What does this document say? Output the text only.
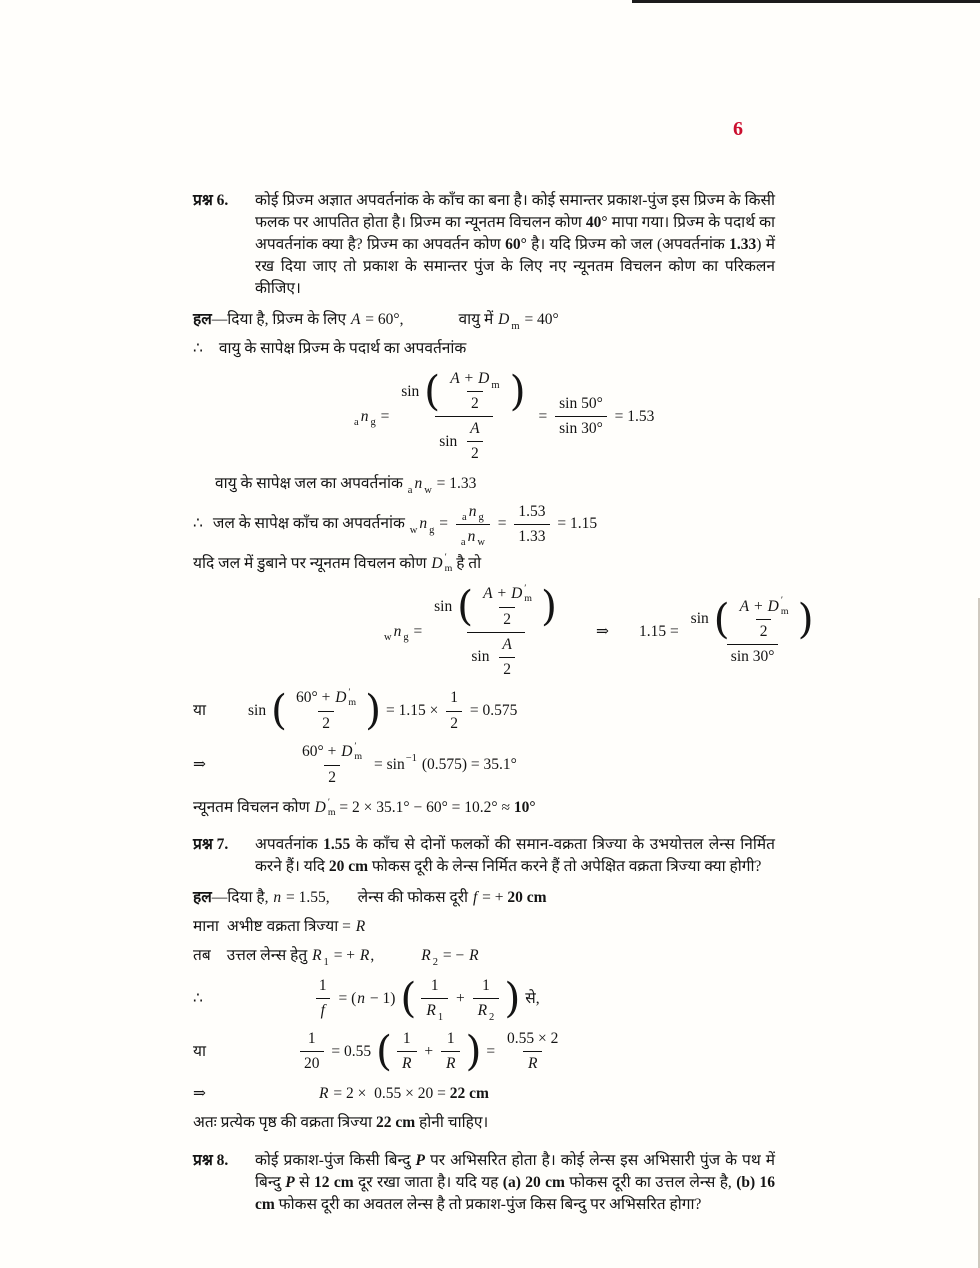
6
प्रश्न 6.	कोई प्रिज्म अज्ञात अपवर्तनांक के काँच का बना है। कोई समान्तर प्रकाश-पुंज इस प्रिज्म के किसी फलक पर आपतित होता है। प्रिज्म का न्यूनतम विचलन कोण 40° मापा गया। प्रिज्म के पदार्थ का अपवर्तनांक क्या है? प्रिज्म का अपवर्तन कोण 60° है। यदि प्रिज्म को जल (अपवर्तनांक 1.33) में रख दिया जाए तो प्रकाश के समान्तर पुंज के लिए नए न्यूनतम विचलन कोण का परिकलन कीजिए।
हल —दिया है, प्रिज्म के लिए A = 60°,	वायु में D m = 40°
∴ वायु के सापेक्ष प्रिज्म के पदार्थ का अपवर्तनांक
a n g = sin ( A + D m
2 )
sin
A
$2 = \frac{\sin 50^\circ}{\sin 30^\circ} = 1.53$
वायु के सापेक्ष जल का अपवर्तनांक a n w = 1.33
∴ जल के सापेक्ष काँच का अपवर्तनांक w n g = a n g
a n w
= $\frac{1.53}{1.33} = 1.15$
यदि जल में डुबाने पर न्यूनतम विचलन कोण D ′
m है तो
w n g = sin ( A + D ′
m
2 )
sin
A
2 ⇒ 1.15 = sin ( A + D ′
m
2 )
sin 30°
या	sin ( 60° + D ′
m
2 ) = $1.15 \times \frac{1}{2} = 0.575$
⇒	60° + D ′
m
2 = sin −1 (0.575) = 35.1°
न्यूनतम विचलन कोण D ′
m = 2 × 35.1° − 60° = 10.2° ≈ 10°
प्रश्न 7.	अपवर्तनांक 1.55 के काँच से दोनों फलकों की समान-वक्रता त्रिज्या के उभयोत्तल लेन्स निर्मित करने हैं। यदि 20 cm फोकस दूरी के लेन्स निर्मित करने हैं तो अपेक्षित वक्रता त्रिज्या क्या होगी?
हल —दिया है, n = 1.55, लेन्स की फोकस दूरी f = + 20 cm
माना अभीष्ट वक्रता त्रिज्या = R
तब उत्तल लेन्स हेतु R 1 = + R ,	R 2 = − R
∴	$\frac{1}{f}$ = ( n − 1) ( 1
R 1
+ $\frac{1}{R 2}$ ) से,
या	$\frac{1}{20} = 0.55$ ( 1
R
+ $\frac{1}{R}$ ) = $\frac{0.55 \times 2}{R}$
⇒	R = 2 ×  0.55 × 20 = 22 cm
अतः प्रत्येक पृष्ठ की वक्रता त्रिज्या 22 cm होनी चाहिए।
प्रश्न 8.	कोई प्रकाश-पुंज किसी बिन्दु P पर अभिसरित होता है। कोई लेन्स इस अभिसारी पुंज के पथ में बिन्दु P से 12 cm दूर रखा जाता है। यदि यह (a) 20 cm फोकस दूरी का उत्तल लेन्स है, (b) 16 cm फोकस दूरी का अवतल लेन्स है तो प्रकाश-पुंज किस बिन्दु पर अभिसरित होगा?
